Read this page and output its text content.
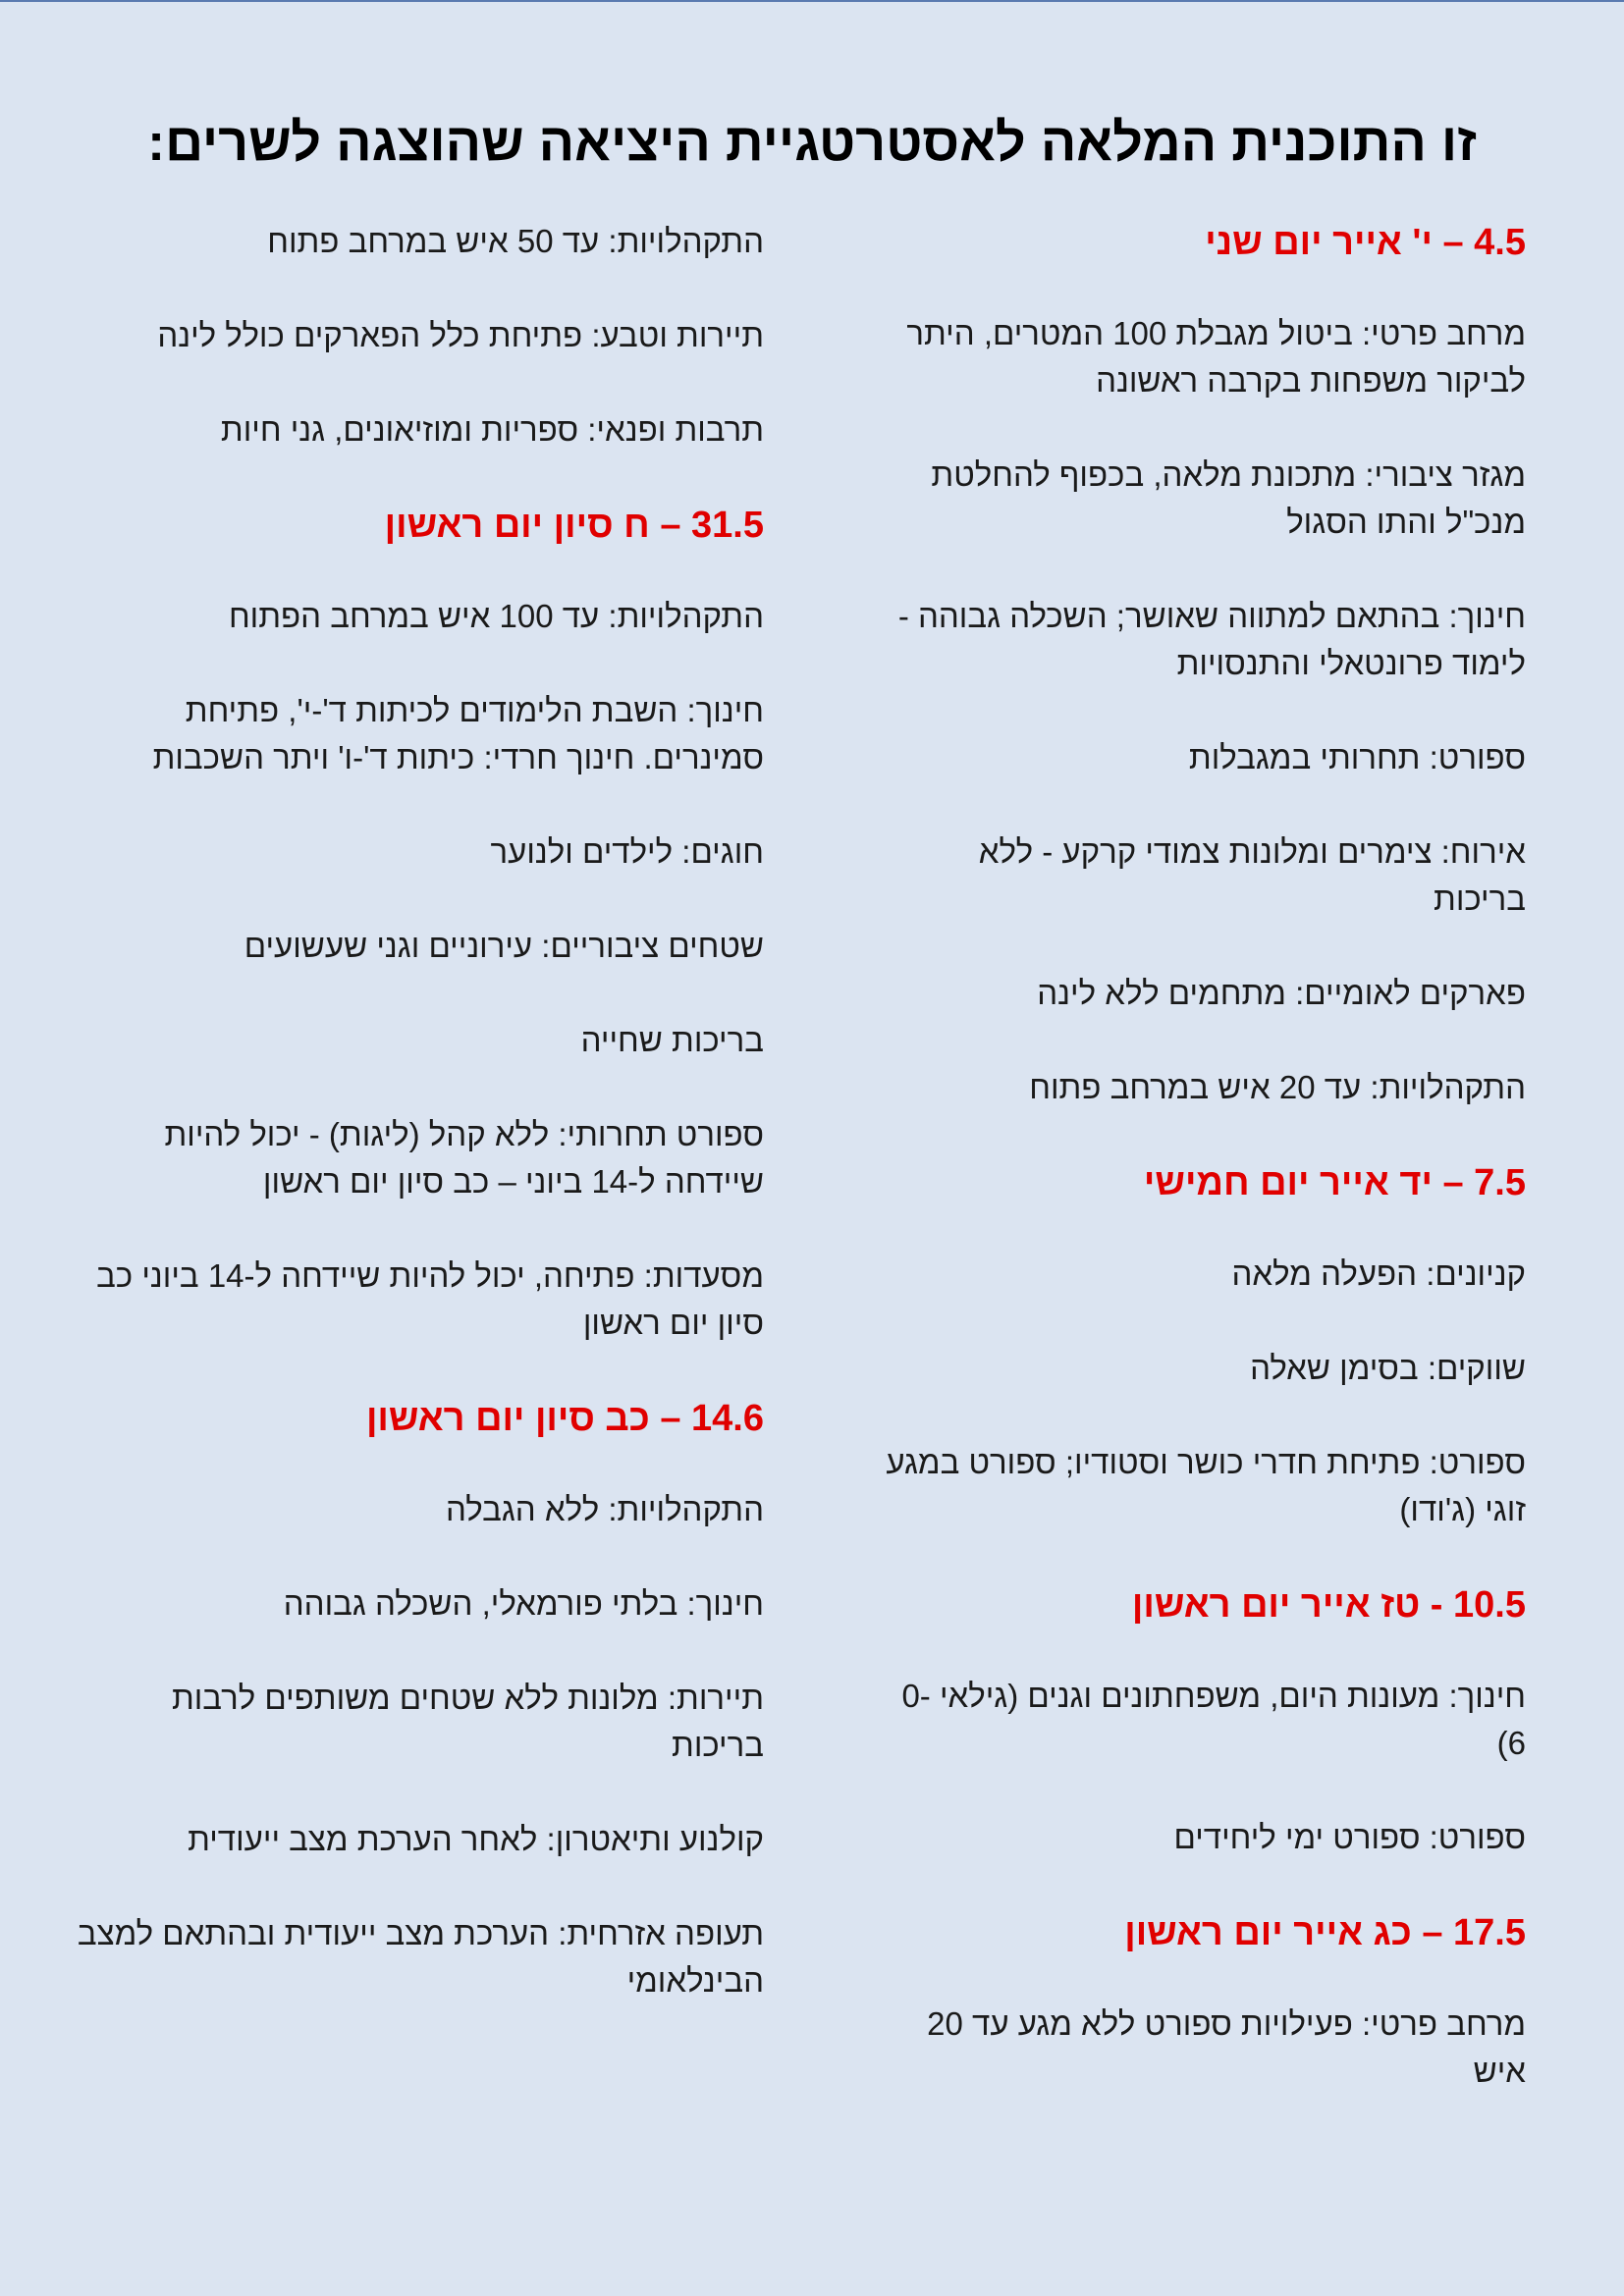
זו התוכנית המלאה לאסטרטגיית היציאה שהוצגה לשרים:
4.5 – י' אייר יום שני
מרחב פרטי: ביטול מגבלת 100 המטרים, היתר לביקור משפחות בקרבה ראשונה
מגזר ציבורי: מתכונת מלאה, בכפוף להחלטת מנכ"ל והתו הסגול
חינוך: בהתאם למתווה שאושר; השכלה גבוהה - לימוד פרונטאלי והתנסויות
ספורט: תחרותי במגבלות
אירוח: צימרים ומלונות צמודי קרקע - ללא בריכות
פארקים לאומיים: מתחמים ללא לינה
התקהלויות: עד 20 איש במרחב פתוח
7.5 – יד אייר יום חמישי
קניונים: הפעלה מלאה
שווקים: בסימן שאלה
ספורט: פתיחת חדרי כושר וסטודיו; ספורט במגע זוגי (ג'ודו)
10.5 - טז אייר יום ראשון
חינוך: מעונות היום, משפחתונים וגנים (גילאי 0-6)
ספורט: ספורט ימי ליחידים
17.5 – כג אייר יום ראשון
מרחב פרטי: פעילויות ספורט ללא מגע עד 20 איש
התקהלויות: עד 50 איש במרחב פתוח
תיירות וטבע: פתיחת כלל הפארקים כולל לינה
תרבות ופנאי: ספריות ומוזיאונים, גני חיות
31.5 – ח סיון יום ראשון
התקהלויות: עד 100 איש במרחב הפתוח
חינוך: השבת הלימודים לכיתות ד'-י', פתיחת סמינרים. חינוך חרדי: כיתות ד'-ו' ויתר השכבות
חוגים: לילדים ולנוער
שטחים ציבוריים: עירוניים וגני שעשועים
בריכות שחייה
ספורט תחרותי: ללא קהל (ליגות) - יכול להיות שיידחה ל-14 ביוני – כב סיון יום ראשון
מסעדות: פתיחה, יכול להיות שיידחה ל-14 ביוני כב סיון יום ראשון
14.6 – כב סיון יום ראשון
התקהלויות: ללא הגבלה
חינוך: בלתי פורמאלי, השכלה גבוהה
תיירות: מלונות ללא שטחים משותפים לרבות בריכות
קולנוע ותיאטרון: לאחר הערכת מצב ייעודית
תעופה אזרחית: הערכת מצב ייעודית ובהתאם למצב הבינלאומי
